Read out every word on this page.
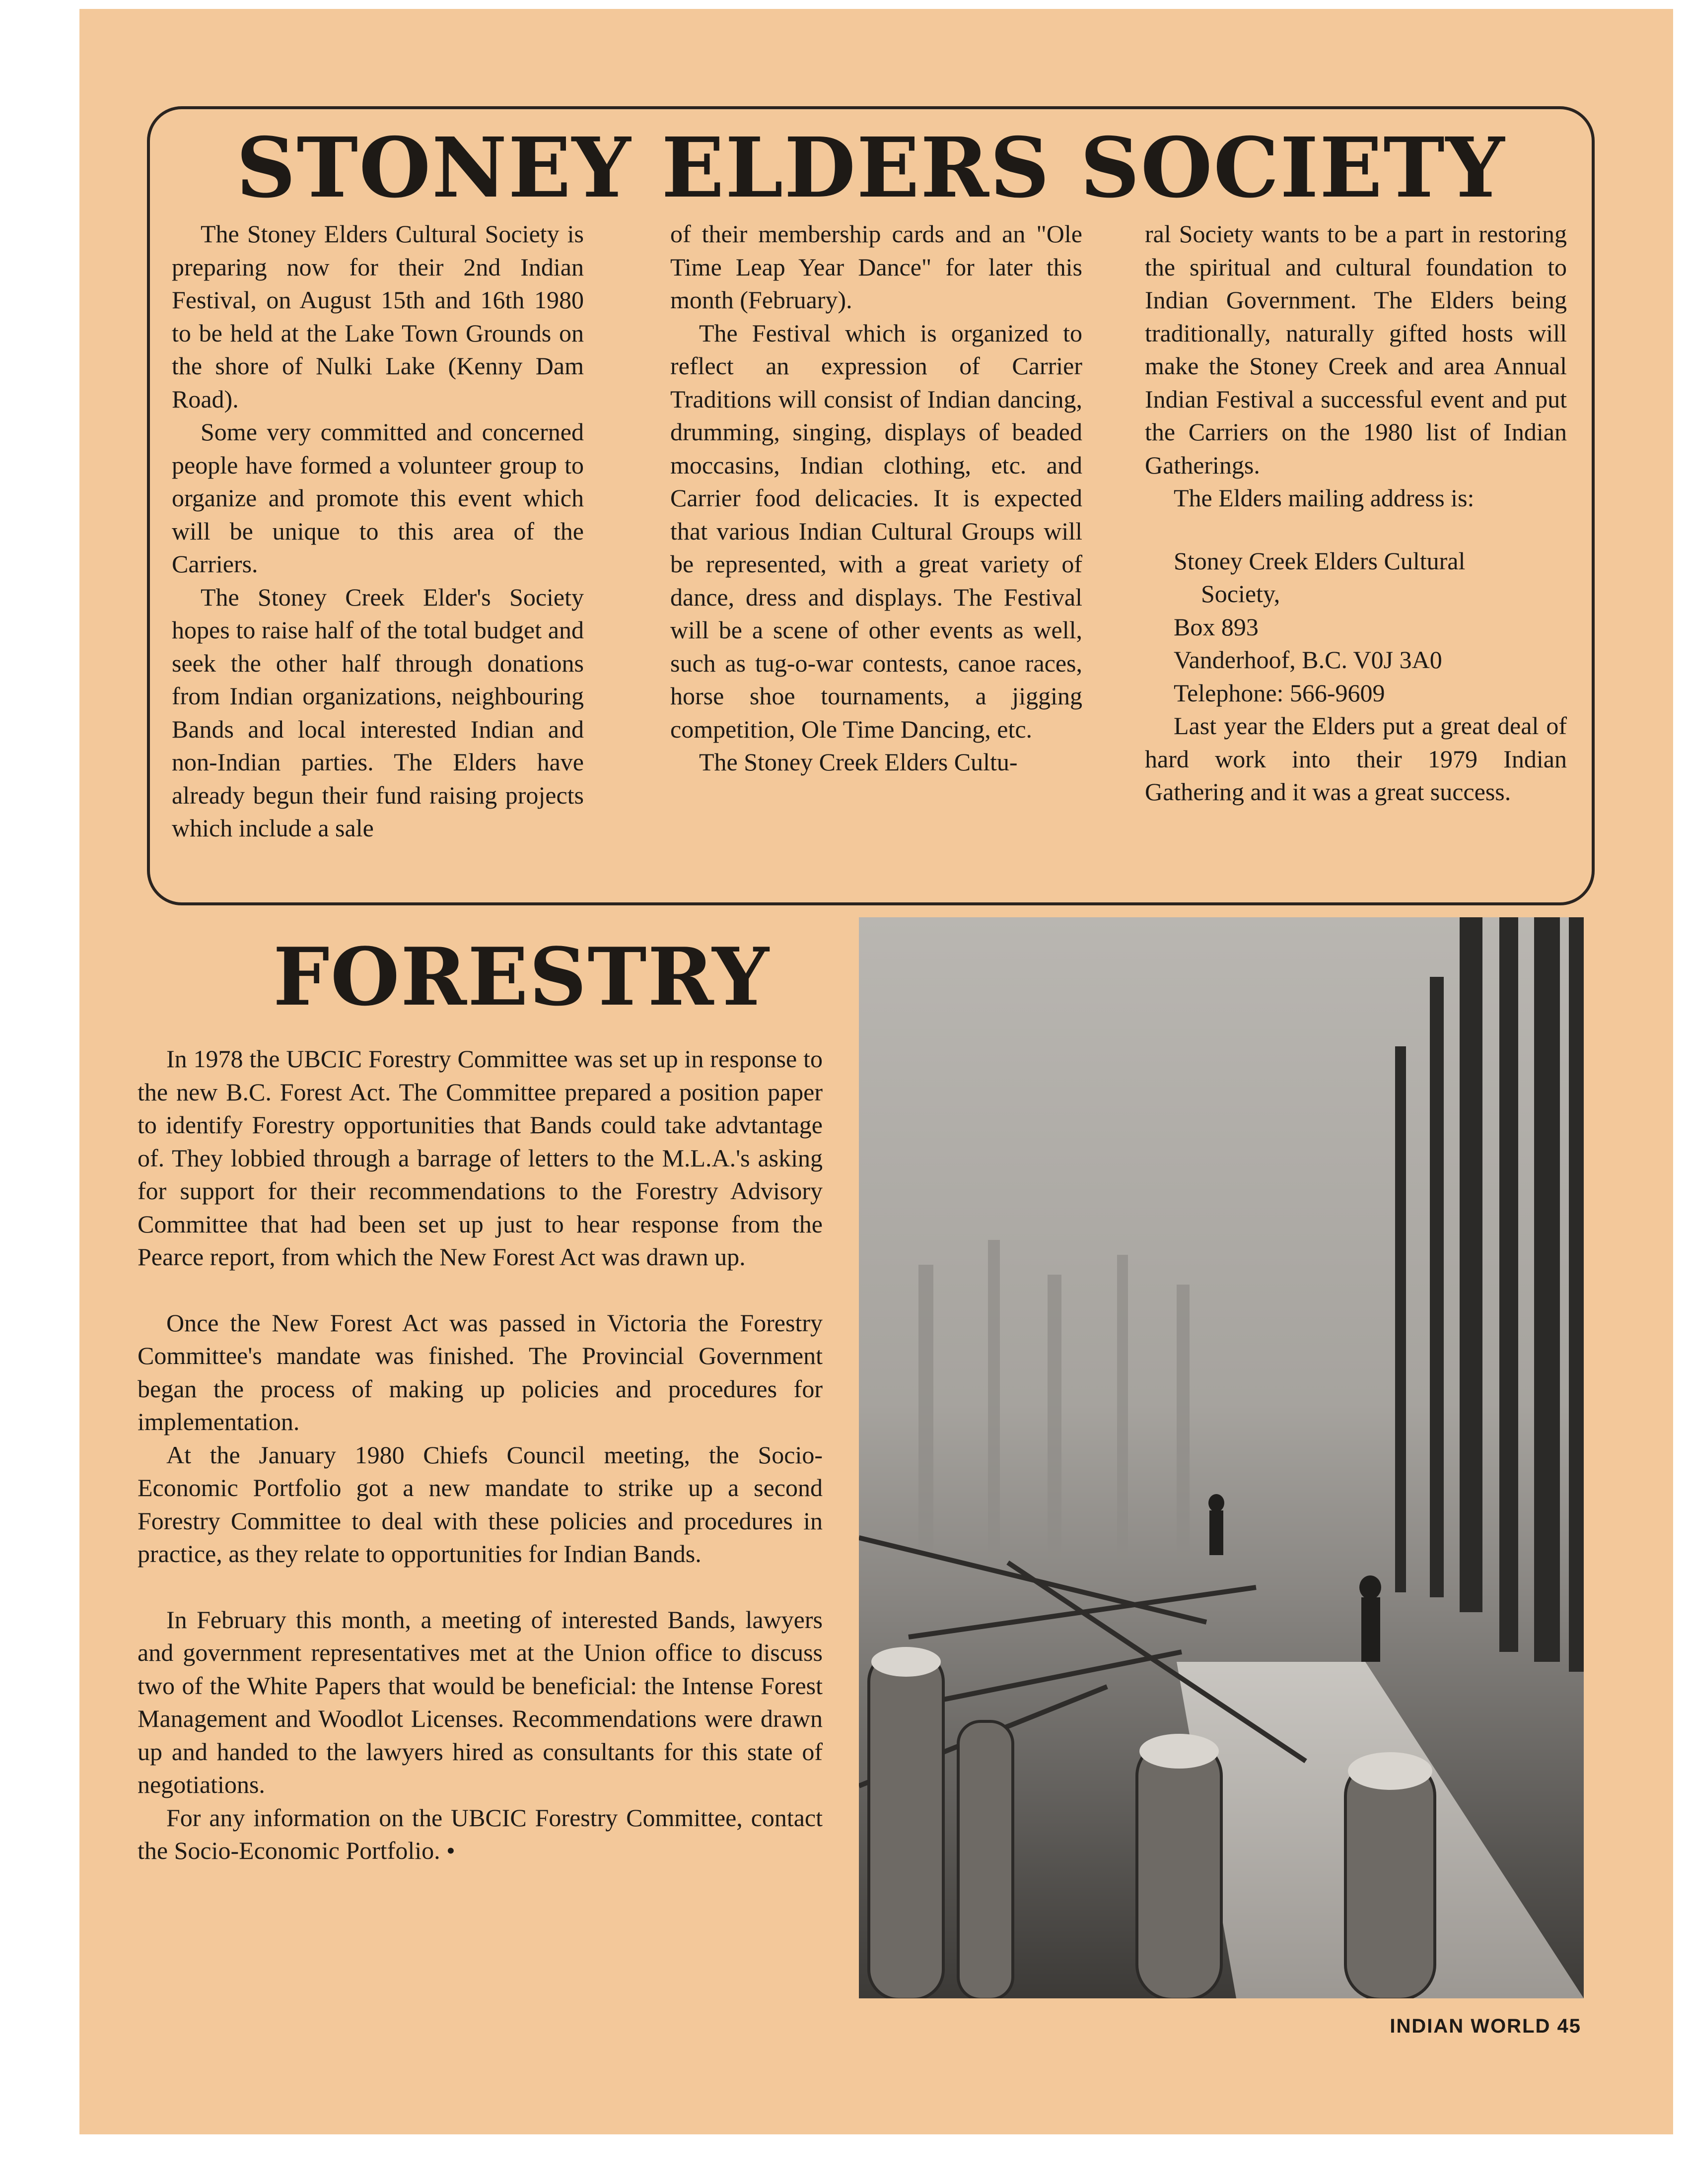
STONEY ELDERS SOCIETY

The Stoney Elders Cultural Society is preparing now for their 2nd Indian Festival, on August 15th and 16th 1980 to be held at the Lake Town Grounds on the shore of Nulki Lake (Kenny Dam Road).

Some very committed and concerned people have formed a volunteer group to organize and promote this event which will be unique to this area of the Carriers.

The Stoney Creek Elder's Society hopes to raise half of the total budget and seek the other half through donations from Indian organizations, neighbouring Bands and local interested Indian and non-Indian parties. The Elders have already begun their fund raising projects which include a sale

of their membership cards and an "Ole Time Leap Year Dance" for later this month (February).

The Festival which is organized to reflect an expression of Carrier Traditions will consist of Indian dancing, drumming, singing, displays of beaded moccasins, Indian clothing, etc. and Carrier food delicacies. It is expected that various Indian Cultural Groups will be represented, with a great variety of dance, dress and displays. The Festival will be a scene of other events as well, such as tug-o-war contests, canoe races, horse shoe tournaments, a jigging competition, Ole Time Dancing, etc.

The Stoney Creek Elders Cultu-

ral Society wants to be a part in restoring the spiritual and cultural foundation to Indian Government. The Elders being traditionally, naturally gifted hosts will make the Stoney Creek and area Annual Indian Festival a successful event and put the Carriers on the 1980 list of Indian Gatherings.

The Elders mailing address is:

Stoney Creek Elders Cultural
Society,
Box 893
Vanderhoof, B.C. V0J 3A0
Telephone: 566-9609

Last year the Elders put a great deal of hard work into their 1979 Indian Gathering and it was a great success.

FORESTRY

In 1978 the UBCIC Forestry Committee was set up in response to the new B.C. Forest Act. The Committee prepared a position paper to identify Forestry opportunities that Bands could take advtantage of. They lobbied through a barrage of letters to the M.L.A.'s asking for support for their recommendations to the Forestry Advisory Committee that had been set up just to hear response from the Pearce report, from which the New Forest Act was drawn up.

Once the New Forest Act was passed in Victoria the Forestry Committee's mandate was finished. The Provincial Government began the process of making up policies and procedures for implementation.

At the January 1980 Chiefs Council meeting, the Socio-Economic Portfolio got a new mandate to strike up a second Forestry Committee to deal with these policies and procedures in practice, as they relate to opportunities for Indian Bands.

In February this month, a meeting of interested Bands, lawyers and government representatives met at the Union office to discuss two of the White Papers that would be beneficial: the Intense Forest Management and Woodlot Licenses. Recommendations were drawn up and handed to the lawyers hired as consultants for this state of negotiations.

For any information on the UBCIC Forestry Committee, contact the Socio-Economic Portfolio. •

INDIAN WORLD 45
